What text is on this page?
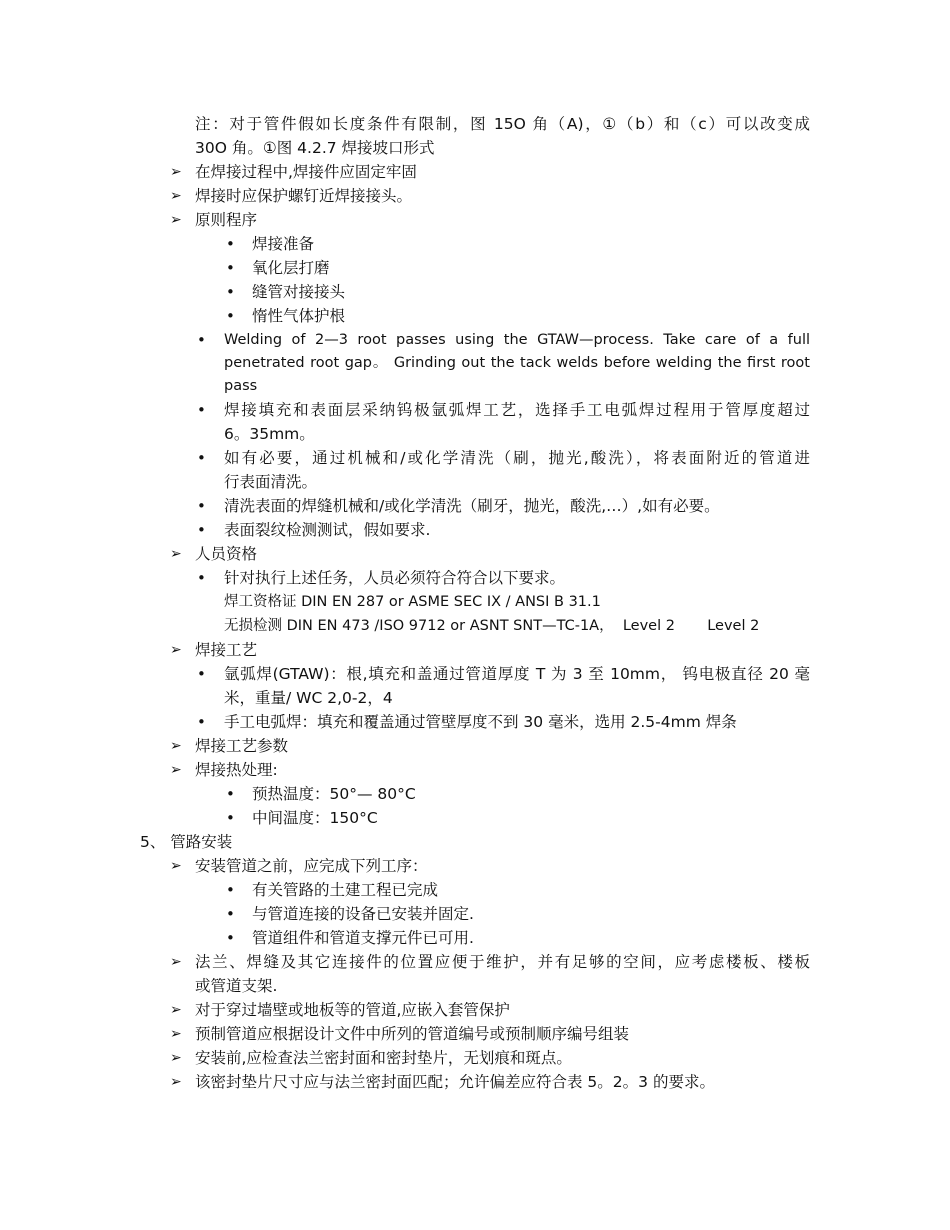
注：对于管件假如长度条件有限制，图 15O 角（A)，①（b）和（c）可以改变成
30O 角。①图 4.2.7 焊接坡口形式
➢ 在焊接过程中,焊接件应固定牢固
➢ 焊接时应保护螺钉近焊接接头。
➢ 原则程序
• 焊接准备
• 氧化层打磨
• 缝管对接接头
• 惰性气体护根
• Welding of 2—3 root passes using the GTAW—process. Take care of a full
penetrated root gap。 Grinding out the tack welds before welding the first root
pass
• 焊接填充和表面层采纳钨极氩弧焊工艺，选择手工电弧焊过程用于管厚度超过
6。35mm。
• 如有必要，通过机械和/或化学清洗（刷，抛光,酸洗），将表面附近的管道进
行表面清洗。
• 清洗表面的焊缝机械和/或化学清洗（刷牙，抛光，酸洗,…）,如有必要。
• 表面裂纹检测测试，假如要求.
➢ 人员资格
• 针对执行上述任务，人员必须符合符合以下要求。
焊工资格证 DIN EN 287 or ASME SEC IX / ANSI B 31.1
无损检测 DIN EN 473 /ISO 9712 or ASNT SNT—TC-1A，  Level 2       Level 2
➢ 焊接工艺
• 氩弧焊(GTAW)：根,填充和盖通过管道厚度 T 为 3 至 10mm， 钨电极直径 20 毫
米，重量/ WC 2,0-2，4
• 手工电弧焊：填充和覆盖通过管壁厚度不到 30 毫米，选用 2.5-4mm 焊条
➢ 焊接工艺参数
➢ 焊接热处理:
• 预热温度：50°— 80°C
• 中间温度：150°C
5、 管路安装
➢ 安装管道之前，应完成下列工序：
• 有关管路的土建工程已完成
• 与管道连接的设备已安装并固定.
• 管道组件和管道支撑元件已可用.
➢ 法兰、焊缝及其它连接件的位置应便于维护，并有足够的空间，应考虑楼板、楼板
或管道支架.
➢ 对于穿过墙壁或地板等的管道,应嵌入套管保护
➢ 预制管道应根据设计文件中所列的管道编号或预制顺序编号组装
➢ 安装前,应检查法兰密封面和密封垫片，无划痕和斑点。
➢ 该密封垫片尺寸应与法兰密封面匹配；允许偏差应符合表 5。2。3 的要求。
